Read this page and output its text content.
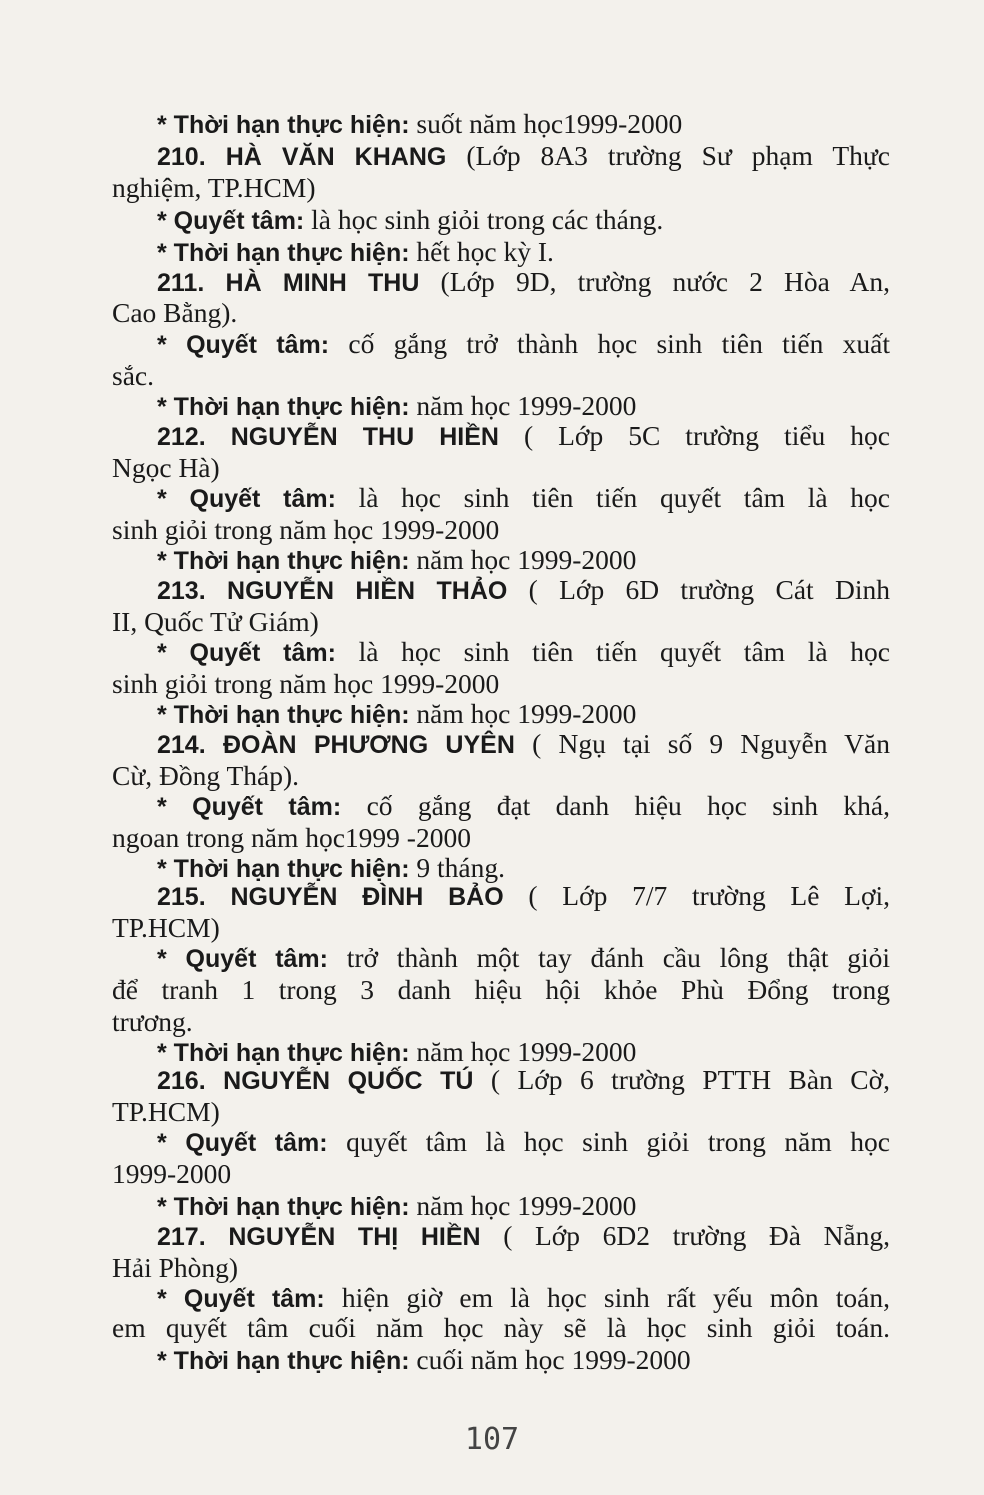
* Thời hạn thực hiện: suốt năm học1999-2000
210. HÀ VĂN KHANG (Lớp 8A3 trường Sư phạm Thực
nghiệm, TP.HCM)
* Quyết tâm: là học sinh giỏi trong các tháng.
* Thời hạn thực hiện: hết học kỳ I.
211. HÀ MINH THU (Lớp 9D, trường nước 2 Hòa An,
Cao Bằng).
* Quyết tâm: cố gắng trở thành học sinh tiên tiến xuất
sắc.
* Thời hạn thực hiện: năm học 1999-2000
212. NGUYỄN THU HIỀN ( Lớp 5C trường tiểu học
Ngọc Hà)
* Quyết tâm: là học sinh tiên tiến quyết tâm là học
sinh giỏi trong năm học 1999-2000
* Thời hạn thực hiện: năm học 1999-2000
213. NGUYỄN HIỀN THẢO ( Lớp 6D trường Cát Dinh
II, Quốc Tử Giám)
* Quyết tâm: là học sinh tiên tiến quyết tâm là học
sinh giỏi trong năm học 1999-2000
* Thời hạn thực hiện: năm học 1999-2000
214. ĐOÀN PHƯƠNG UYÊN ( Ngụ tại số 9 Nguyễn Văn
Cừ, Đồng Tháp).
* Quyết tâm: cố gắng đạt danh hiệu học sinh khá,
ngoan trong năm học1999 -2000
* Thời hạn thực hiện: 9 tháng.
215. NGUYỄN ĐÌNH BẢO ( Lớp 7/7 trường Lê Lợi,
TP.HCM)
* Quyết tâm: trở thành một tay đánh cầu lông thật giỏi
để tranh 1 trong 3 danh hiệu hội khỏe Phù Đổng trong
trương.
* Thời hạn thực hiện: năm học 1999-2000
216. NGUYỄN QUỐC TÚ ( Lớp 6 trường PTTH Bàn Cờ,
TP.HCM)
* Quyết tâm: quyết tâm là học sinh giỏi trong năm học
1999-2000
* Thời hạn thực hiện: năm học 1999-2000
217. NGUYỄN THỊ HIỀN ( Lớp 6D2 trường Đà Nẵng,
Hải Phòng)
* Quyết tâm: hiện giờ em là học sinh rất yếu môn toán,
em quyết tâm cuối năm học này sẽ là học sinh giỏi toán.
* Thời hạn thực hiện: cuối năm học 1999-2000
107
